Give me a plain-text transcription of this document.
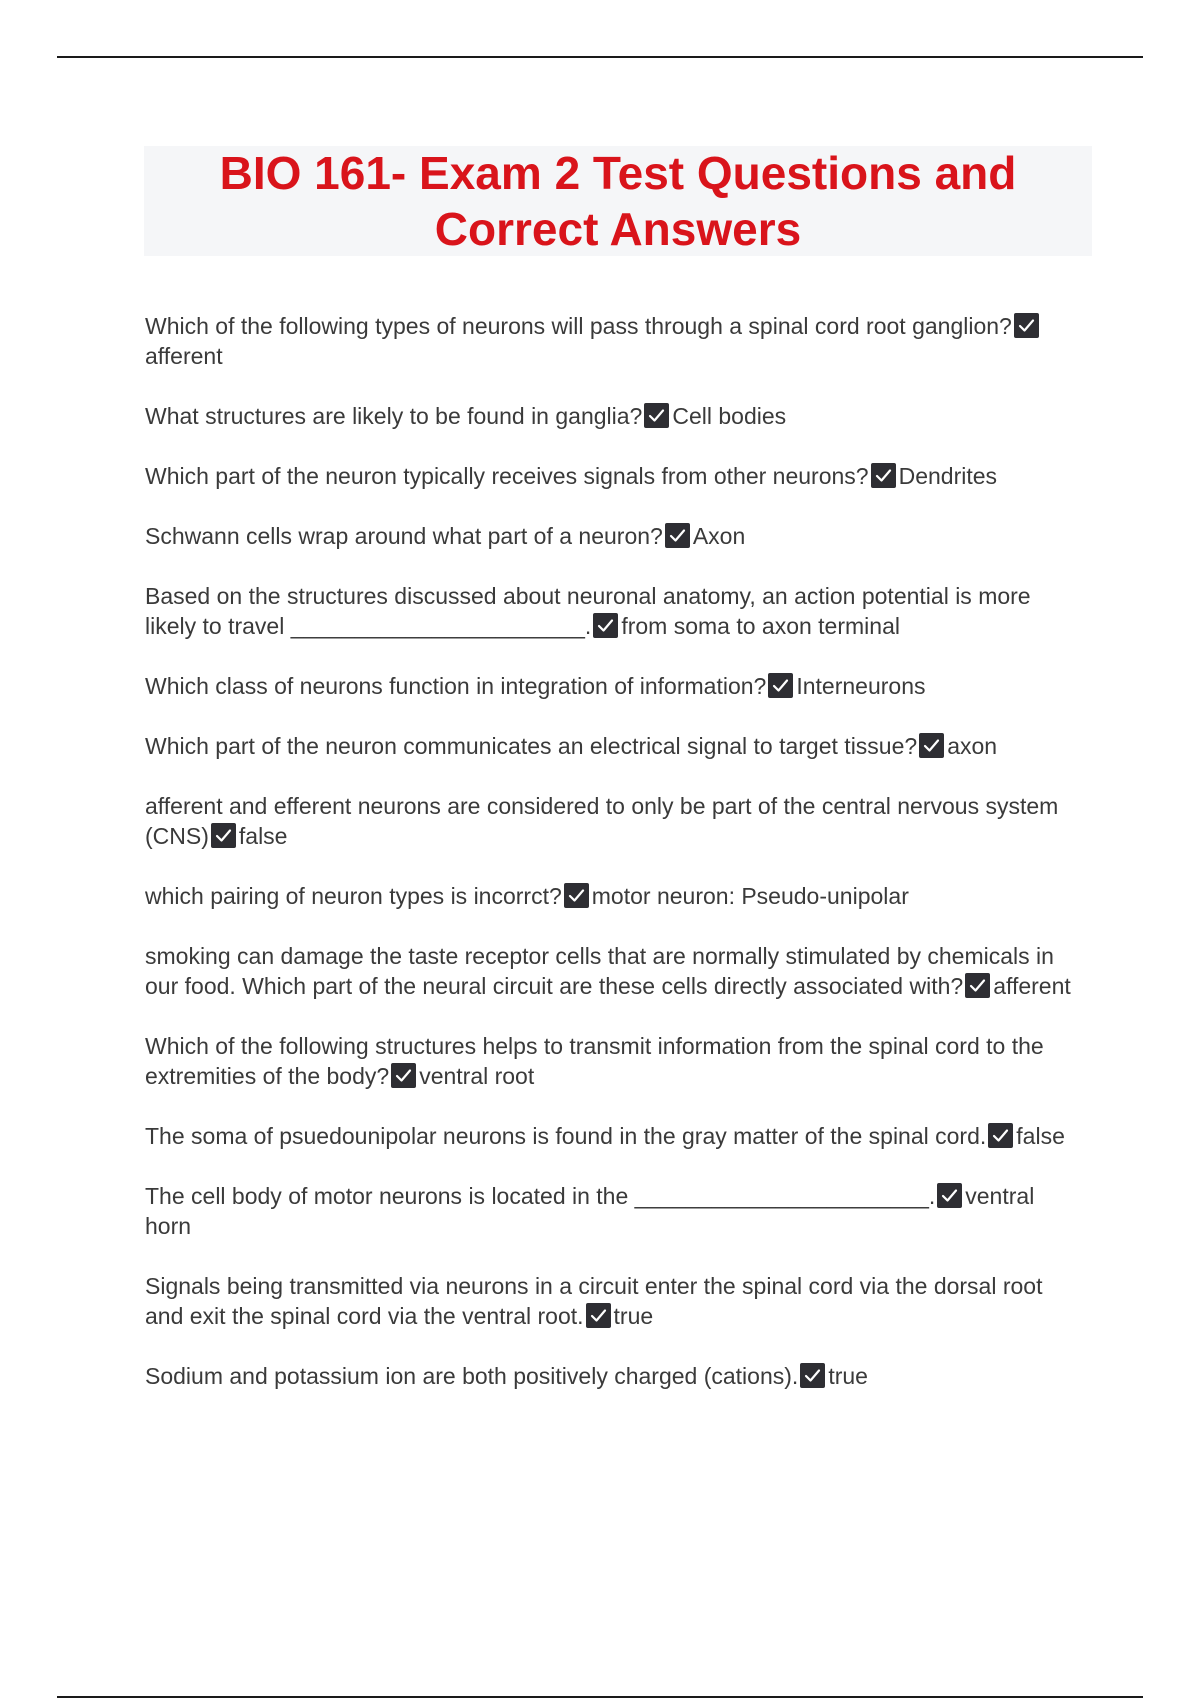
BIO 161- Exam 2 Test Questions and Correct Answers

Which of the following types of neurons will pass through a spinal cord root ganglion?
afferent

What structures are likely to be found in ganglia? Cell bodies

Which part of the neuron typically receives signals from other neurons? Dendrites

Schwann cells wrap around what part of a neuron? Axon

Based on the structures discussed about neuronal anatomy, an action potential is more likely to travel _______________________. from soma to axon terminal

Which class of neurons function in integration of information? Interneurons

Which part of the neuron communicates an electrical signal to target tissue? axon

afferent and efferent neurons are considered to only be part of the central nervous system (CNS) false

which pairing of neuron types is incorrct? motor neuron: Pseudo-unipolar

smoking can damage the taste receptor cells that are normally stimulated by chemicals in our food. Which part of the neural circuit are these cells directly associated with? afferent

Which of the following structures helps to transmit information from the spinal cord to the extremities of the body? ventral root

The soma of psuedounipolar neurons is found in the gray matter of the spinal cord. false

The cell body of motor neurons is located in the _______________________. ventral horn

Signals being transmitted via neurons in a circuit enter the spinal cord via the dorsal root and exit the spinal cord via the ventral root. true

Sodium and potassium ion are both positively charged (cations). true
